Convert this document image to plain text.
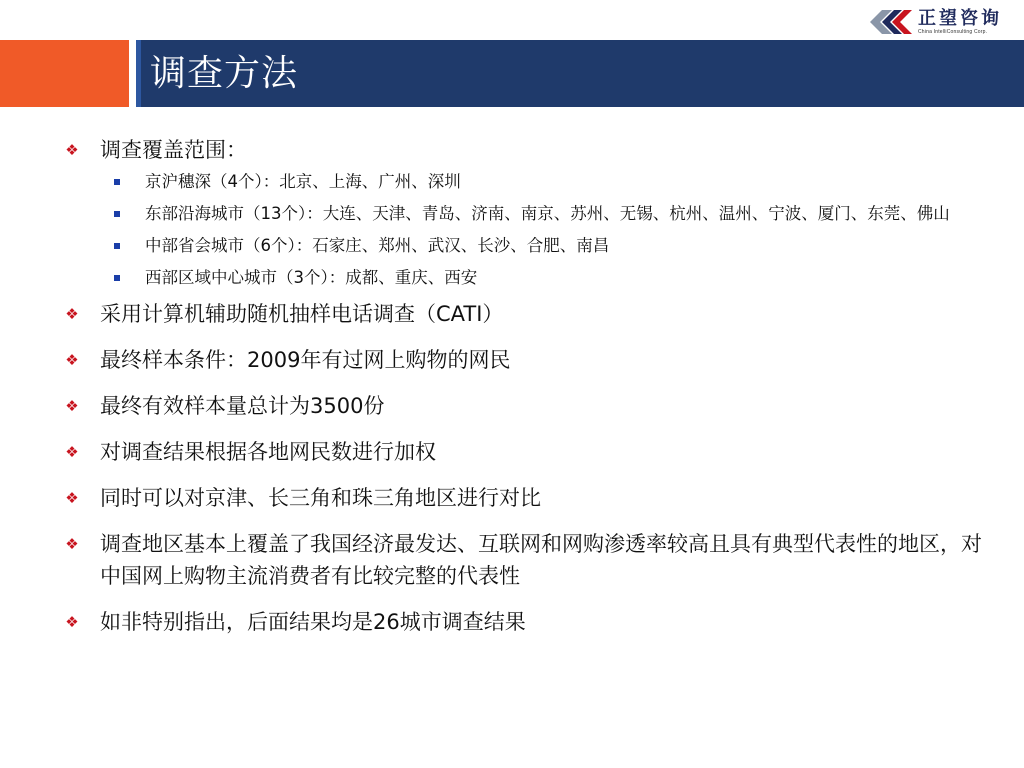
正望咨询
China IntelliConsulting Corp.
调查方法
❖ 调查覆盖范围：
京沪穗深（4个）：北京、上海、广州、深圳
东部沿海城市（13个）：大连、天津、青岛、济南、南京、苏州、无锡、杭州、温州、宁波、厦门、东莞、佛山
中部省会城市（6个）：石家庄、郑州、武汉、长沙、合肥、南昌
西部区域中心城市（3个）：成都、重庆、西安
❖ 采用计算机辅助随机抽样电话调查（CATI）
❖ 最终样本条件：2009年有过网上购物的网民
❖ 最终有效样本量总计为3500份
❖ 对调查结果根据各地网民数进行加权
❖ 同时可以对京津、长三角和珠三角地区进行对比
❖ 调查地区基本上覆盖了我国经济最发达、互联网和网购渗透率较高且具有典型代表性的地区，对中国网上购物主流消费者有比较完整的代表性
❖ 如非特别指出，后面结果均是26城市调查结果
